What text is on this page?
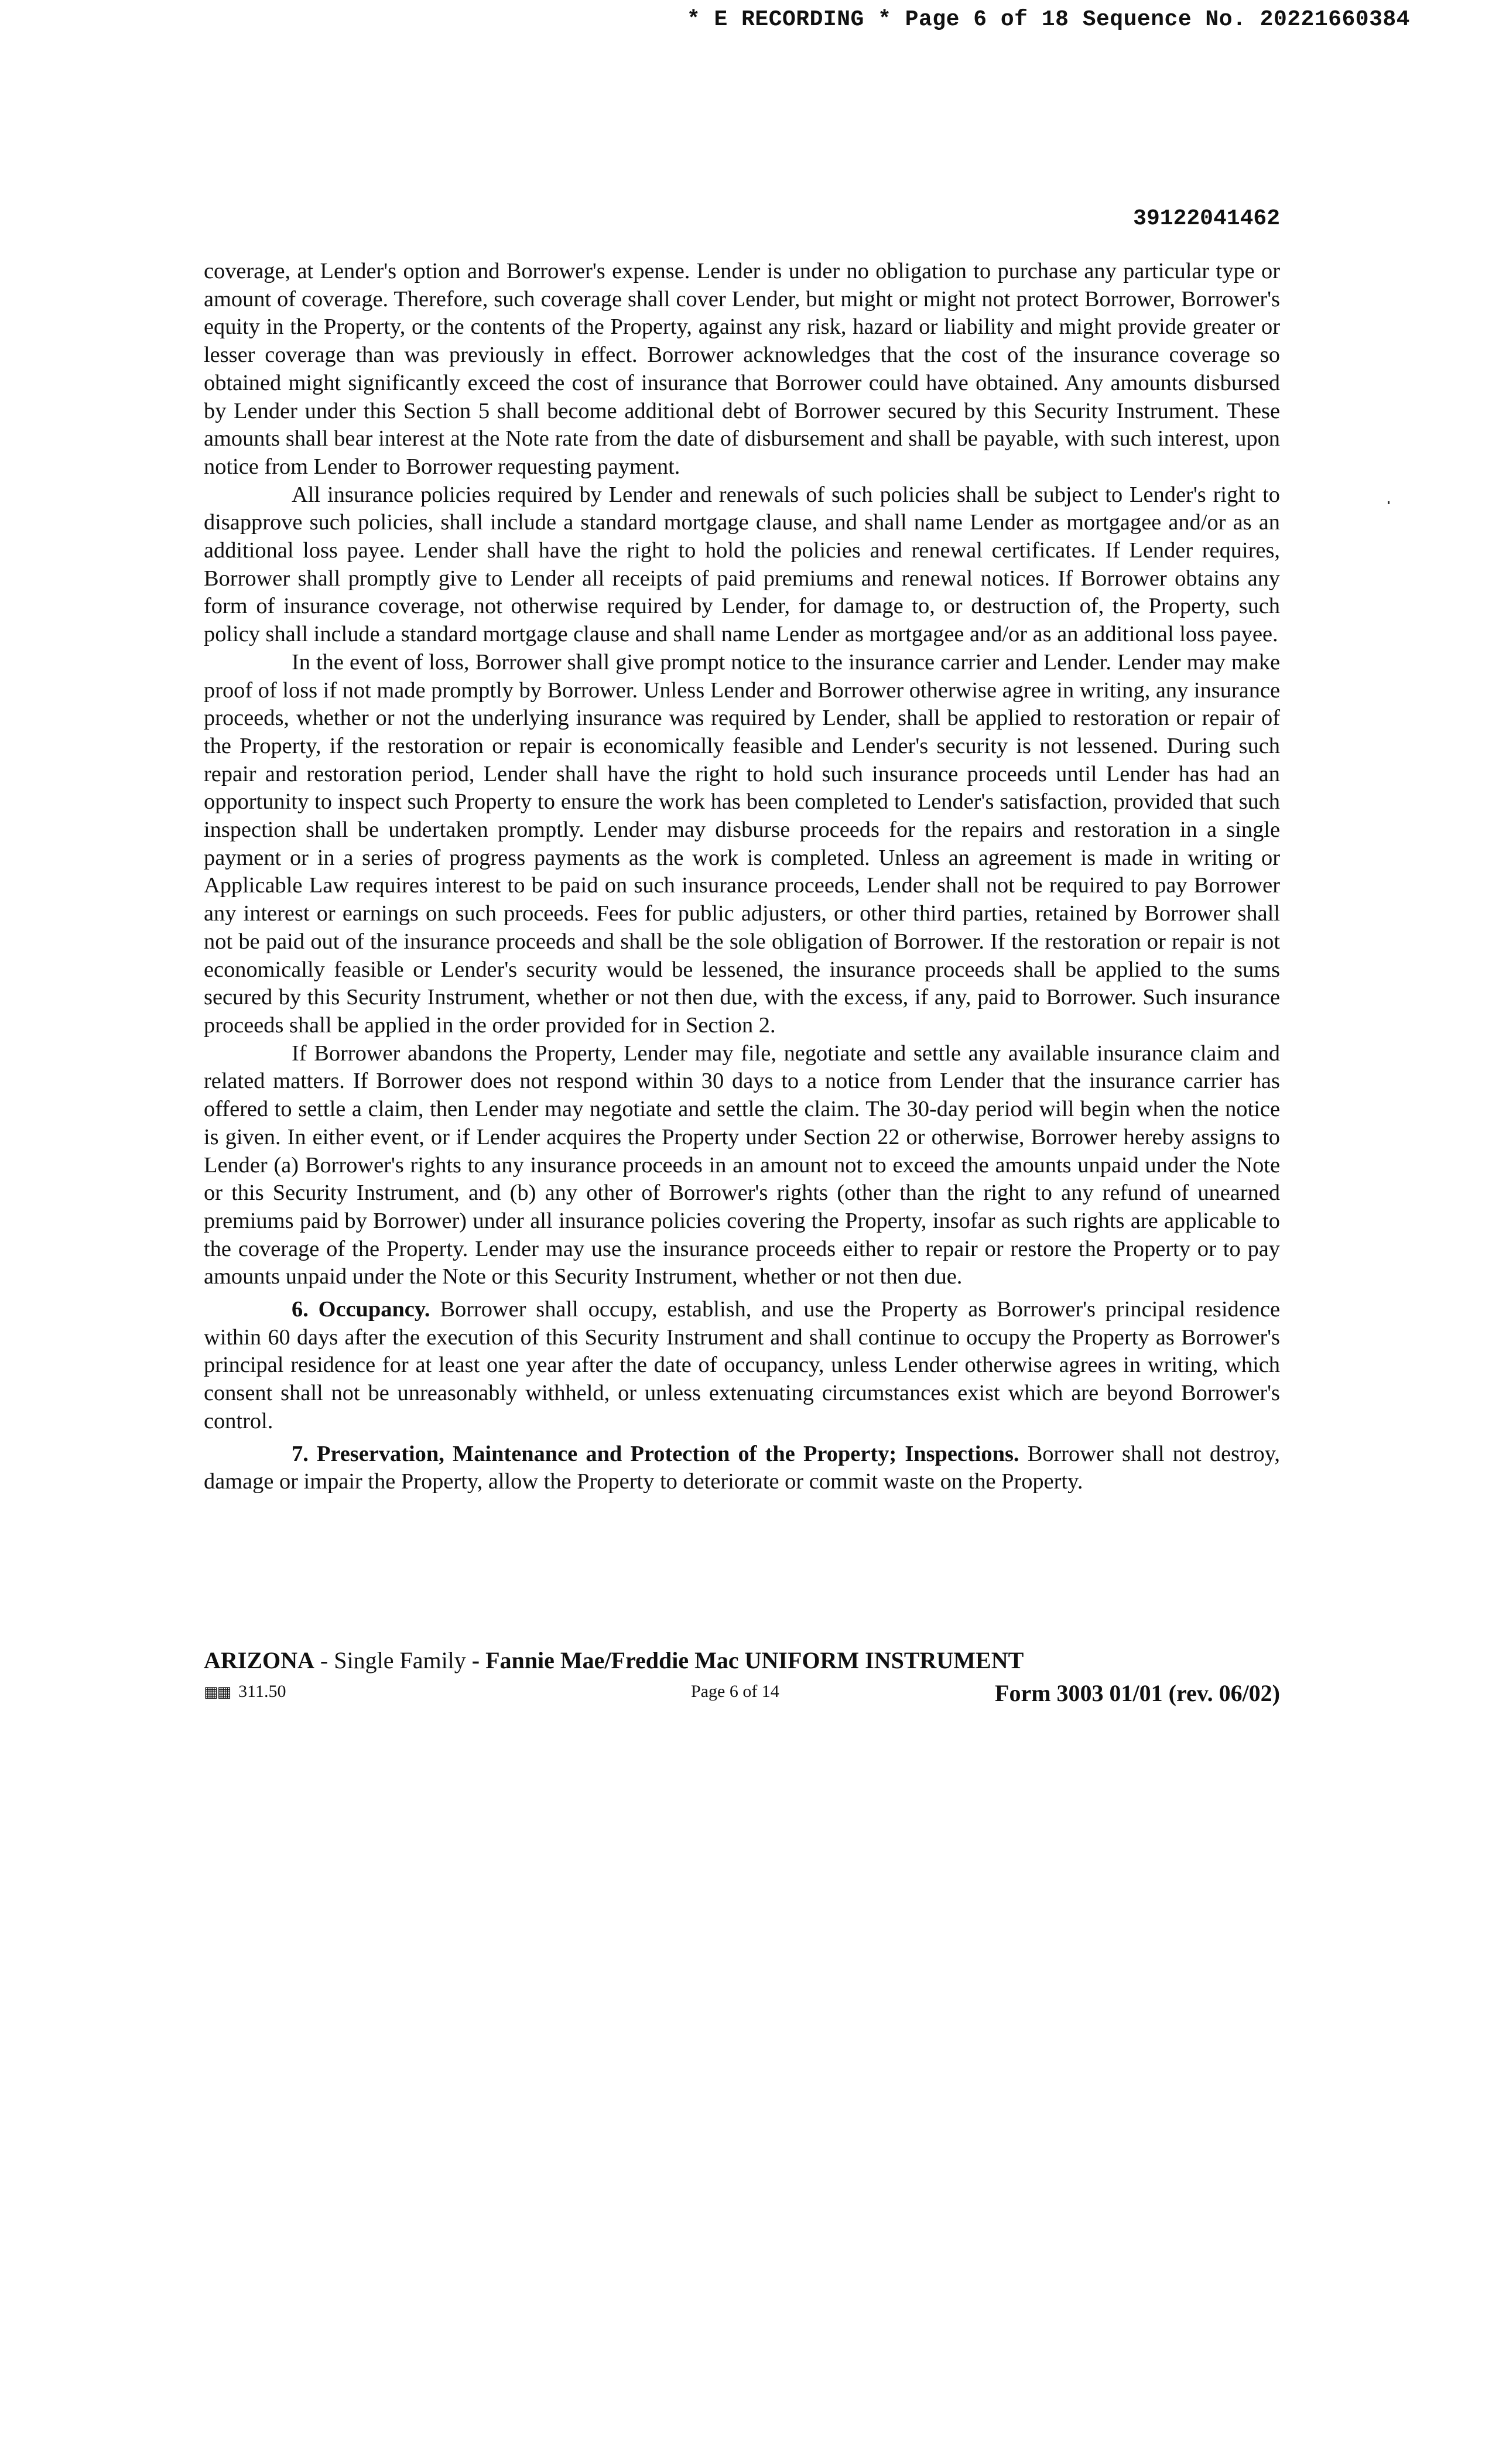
* E RECORDING * Page 6 of 18 Sequence No. 20221660384
39122041462

coverage, at Lender's option and Borrower's expense. Lender is under no obligation to purchase any particular type or amount of coverage. Therefore, such coverage shall cover Lender, but might or might not protect Borrower, Borrower's equity in the Property, or the contents of the Property, against any risk, hazard or liability and might provide greater or lesser coverage than was previously in effect. Borrower acknowledges that the cost of the insurance coverage so obtained might significantly exceed the cost of insurance that Borrower could have obtained. Any amounts disbursed by Lender under this Section 5 shall become additional debt of Borrower secured by this Security Instrument. These amounts shall bear interest at the Note rate from the date of disbursement and shall be payable, with such interest, upon notice from Lender to Borrower requesting payment.

All insurance policies required by Lender and renewals of such policies shall be subject to Lender's right to disapprove such policies, shall include a standard mortgage clause, and shall name Lender as mortgagee and/or as an additional loss payee. Lender shall have the right to hold the policies and renewal certificates. If Lender requires, Borrower shall promptly give to Lender all receipts of paid premiums and renewal notices. If Borrower obtains any form of insurance coverage, not otherwise required by Lender, for damage to, or destruction of, the Property, such policy shall include a standard mortgage clause and shall name Lender as mortgagee and/or as an additional loss payee.

In the event of loss, Borrower shall give prompt notice to the insurance carrier and Lender. Lender may make proof of loss if not made promptly by Borrower. Unless Lender and Borrower otherwise agree in writing, any insurance proceeds, whether or not the underlying insurance was required by Lender, shall be applied to restoration or repair of the Property, if the restoration or repair is economically feasible and Lender's security is not lessened. During such repair and restoration period, Lender shall have the right to hold such insurance proceeds until Lender has had an opportunity to inspect such Property to ensure the work has been completed to Lender's satisfaction, provided that such inspection shall be undertaken promptly. Lender may disburse proceeds for the repairs and restoration in a single payment or in a series of progress payments as the work is completed. Unless an agreement is made in writing or Applicable Law requires interest to be paid on such insurance proceeds, Lender shall not be required to pay Borrower any interest or earnings on such proceeds. Fees for public adjusters, or other third parties, retained by Borrower shall not be paid out of the insurance proceeds and shall be the sole obligation of Borrower. If the restoration or repair is not economically feasible or Lender's security would be lessened, the insurance proceeds shall be applied to the sums secured by this Security Instrument, whether or not then due, with the excess, if any, paid to Borrower. Such insurance proceeds shall be applied in the order provided for in Section 2.

If Borrower abandons the Property, Lender may file, negotiate and settle any available insurance claim and related matters. If Borrower does not respond within 30 days to a notice from Lender that the insurance carrier has offered to settle a claim, then Lender may negotiate and settle the claim. The 30-day period will begin when the notice is given. In either event, or if Lender acquires the Property under Section 22 or otherwise, Borrower hereby assigns to Lender (a) Borrower's rights to any insurance proceeds in an amount not to exceed the amounts unpaid under the Note or this Security Instrument, and (b) any other of Borrower's rights (other than the right to any refund of unearned premiums paid by Borrower) under all insurance policies covering the Property, insofar as such rights are applicable to the coverage of the Property. Lender may use the insurance proceeds either to repair or restore the Property or to pay amounts unpaid under the Note or this Security Instrument, whether or not then due.

6. Occupancy. Borrower shall occupy, establish, and use the Property as Borrower's principal residence within 60 days after the execution of this Security Instrument and shall continue to occupy the Property as Borrower's principal residence for at least one year after the date of occupancy, unless Lender otherwise agrees in writing, which consent shall not be unreasonably withheld, or unless extenuating circumstances exist which are beyond Borrower's control.

7. Preservation, Maintenance and Protection of the Property; Inspections. Borrower shall not destroy, damage or impair the Property, allow the Property to deteriorate or commit waste on the Property.

ARIZONA - Single Family - Fannie Mae/Freddie Mac UNIFORM INSTRUMENT
▦▦ 311.50	Page 6 of 14	Form 3003 01/01 (rev. 06/02)
